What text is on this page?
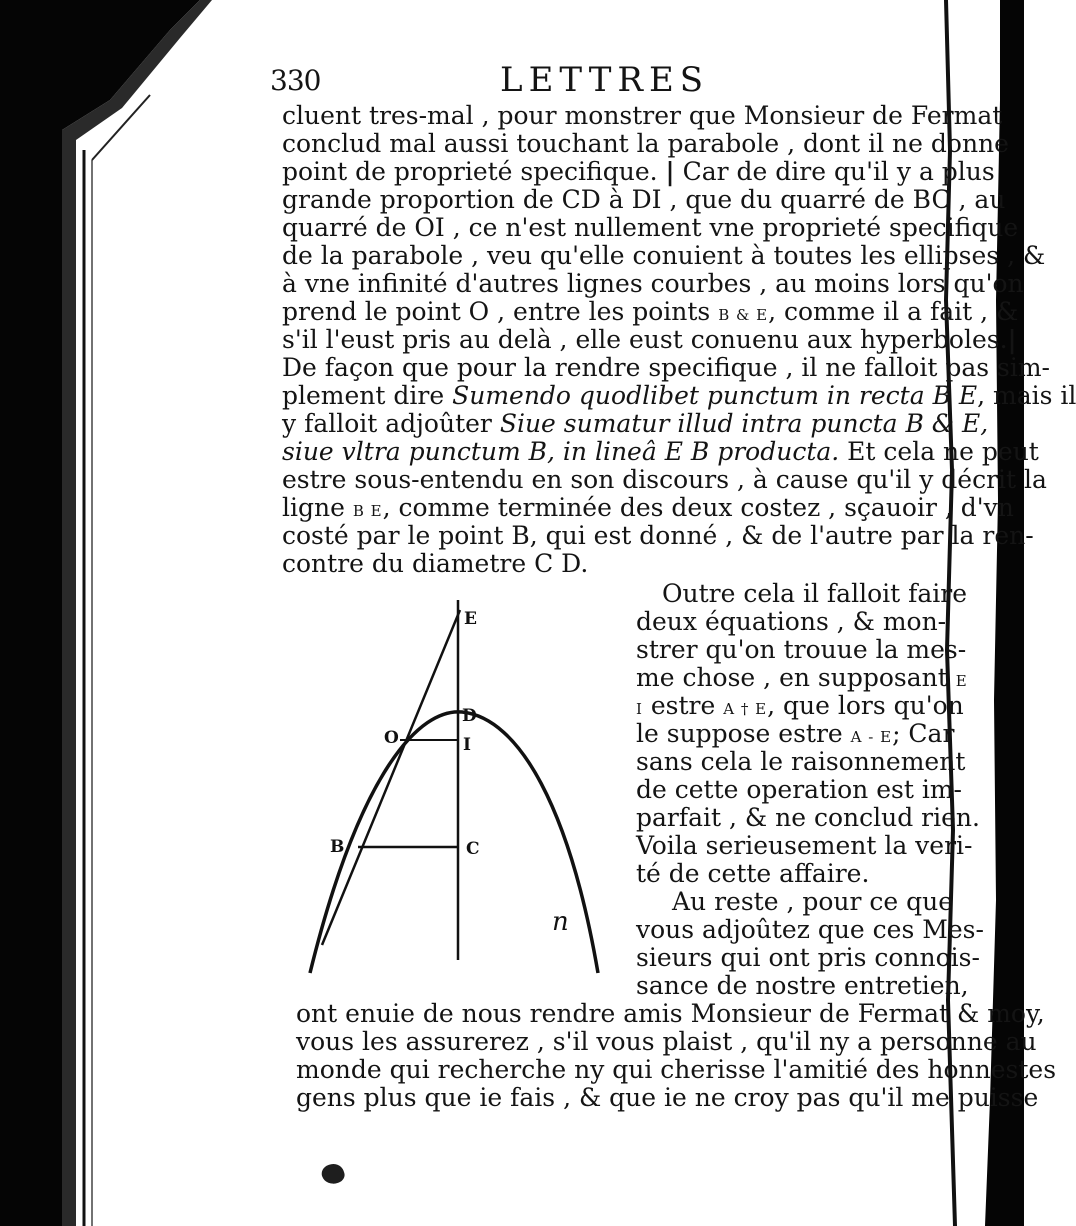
330	LETTRES
cluent tres-mal , pour monstrer que Monsieur de Fermat
conclud mal aussi touchant la parabole , dont il ne donne
point de proprieté specifique. | Car de dire qu'il y a plus
grande proportion de CD à DI , que du quarré de BC , au
quarré de OI , ce n'est nullement vne proprieté specifique
de la parabole , veu qu'elle conuient à toutes les ellipses , &
à vne infinité d'autres lignes courbes , au moins lors qu'on
prend le point O , entre les points B & E, comme il a fait , &
s'il l'eust pris au delà , elle eust conuenu aux hyperboles.|
De façon que pour la rendre specifique , il ne falloit pas sim-
plement dire Sumendo quodlibet punctum in recta B E, mais il
y falloit adjoûter Siue sumatur illud intra puncta B & E,
siue vltra punctum B, in lineâ E B producta. Et cela ne peut
estre sous-entendu en son discours , à cause qu'il y décrit la
ligne B E, comme terminée des deux costez , sçauoir , d'vn
costé par le point B, qui est donné , & de l'autre par la ren-
contre du diametre C D.
Outre cela il falloit faire
deux équations , & mon-
strer qu'on trouue la mes-
me chose , en supposant E
I estre A † E, que lors qu'on
le suppose estre A - E; Car
sans cela le raisonnement
de cette operation est im-
parfait , & ne conclud rien.
Voila serieusement la veri-
té de cette affaire.
Au reste , pour ce que
vous adjoûtez que ces Mes-
sieurs qui ont pris connois-
sance de nostre entretien,
ont enuie de nous rendre amis Monsieur de Fermat & moy,
vous les assurerez , s'il vous plaist , qu'il ny a personne au
monde qui recherche ny qui cherisse l'amitié des honnestes
gens plus que ie fais , & que ie ne croy pas qu'il me puisse
E
D
O	I
B	C
n
